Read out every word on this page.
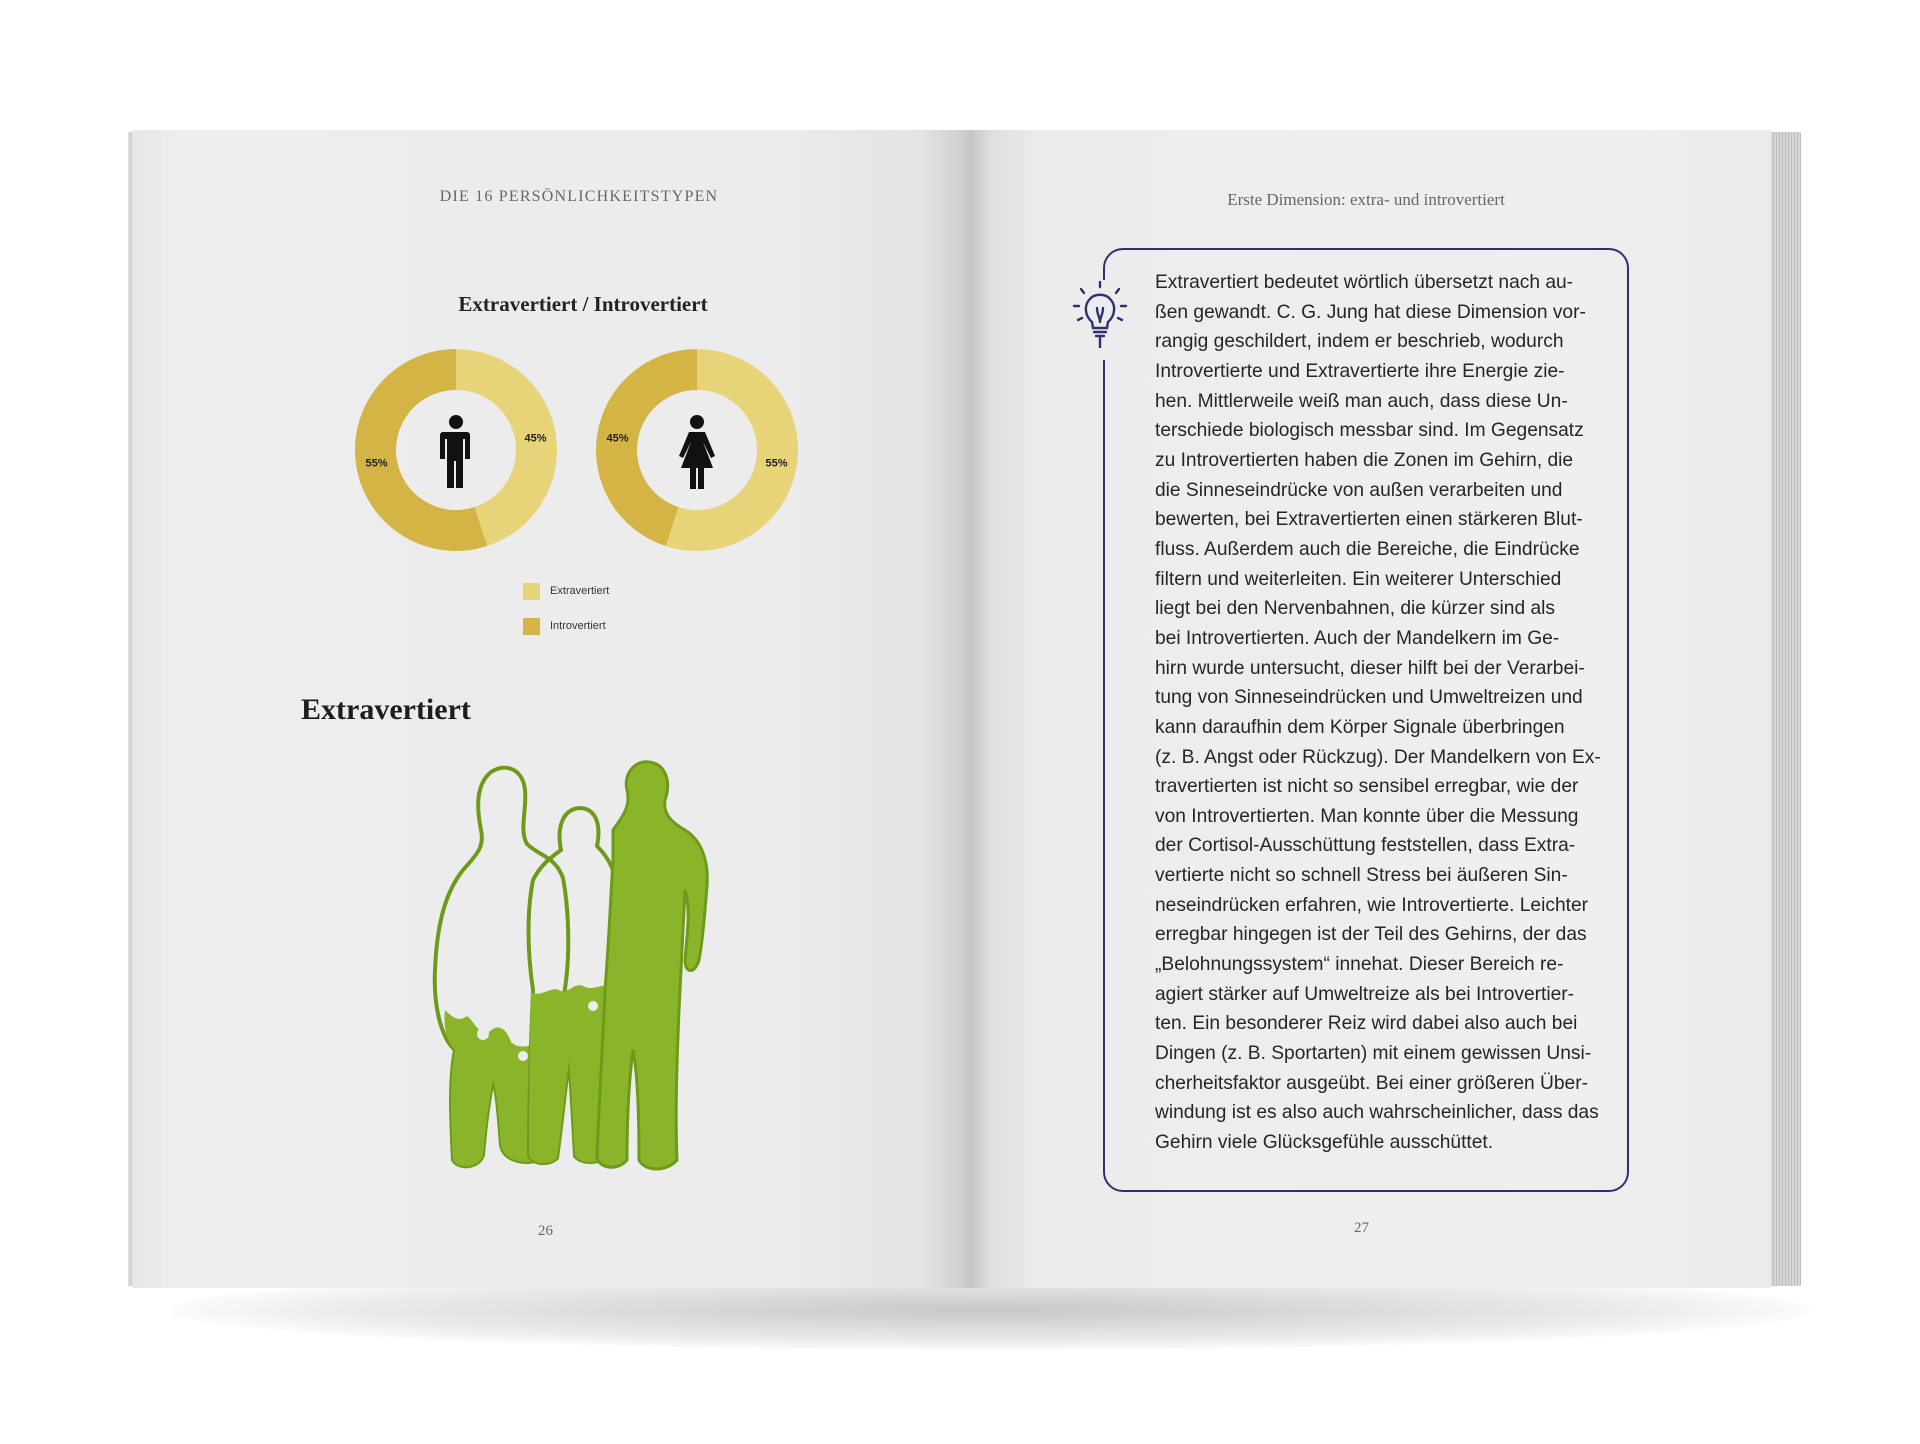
DIE 16 PERSÖNLICHKEITSTYPEN
Extravertiert / Introvertiert
45%
55%	55%
45%
Extravertiert
Introvertiert
Extravertiert
26
Erste Dimension: extra- und introvertiert
Extravertiert bedeutet wörtlich übersetzt nach au-
ßen gewandt. C. G. Jung hat diese Dimension vor-
rangig geschildert, indem er beschrieb, wodurch
Introvertierte und Extravertierte ihre Energie zie-
hen. Mittlerweile weiß man auch, dass diese Un-
terschiede biologisch messbar sind. Im Gegensatz
zu Introvertierten haben die Zonen im Gehirn, die
die Sinneseindrücke von außen verarbeiten und
bewerten, bei Extravertierten einen stärkeren Blut-
fluss. Außerdem auch die Bereiche, die Eindrücke
filtern und weiterleiten. Ein weiterer Unterschied
liegt bei den Nervenbahnen, die kürzer sind als
bei Introvertierten. Auch der Mandelkern im Ge-
hirn wurde untersucht, dieser hilft bei der Verarbei-
tung von Sinneseindrücken und Umweltreizen und
kann daraufhin dem Körper Signale überbringen
(z. B. Angst oder Rückzug). Der Mandelkern von Ex-
travertierten ist nicht so sensibel erregbar, wie der
von Introvertierten. Man konnte über die Messung
der Cortisol-Ausschüttung feststellen, dass Extra-
vertierte nicht so schnell Stress bei äußeren Sin-
neseindrücken erfahren, wie Introvertierte. Leichter
erregbar hingegen ist der Teil des Gehirns, der das
„Belohnungssystem“ innehat. Dieser Bereich re-
agiert stärker auf Umweltreize als bei Introvertier-
ten. Ein besonderer Reiz wird dabei also auch bei
Dingen (z. B. Sportarten) mit einem gewissen Unsi-
cherheitsfaktor ausgeübt. Bei einer größeren Über-
windung ist es also auch wahrscheinlicher, dass das
Gehirn viele Glücksgefühle ausschüttet.
27
